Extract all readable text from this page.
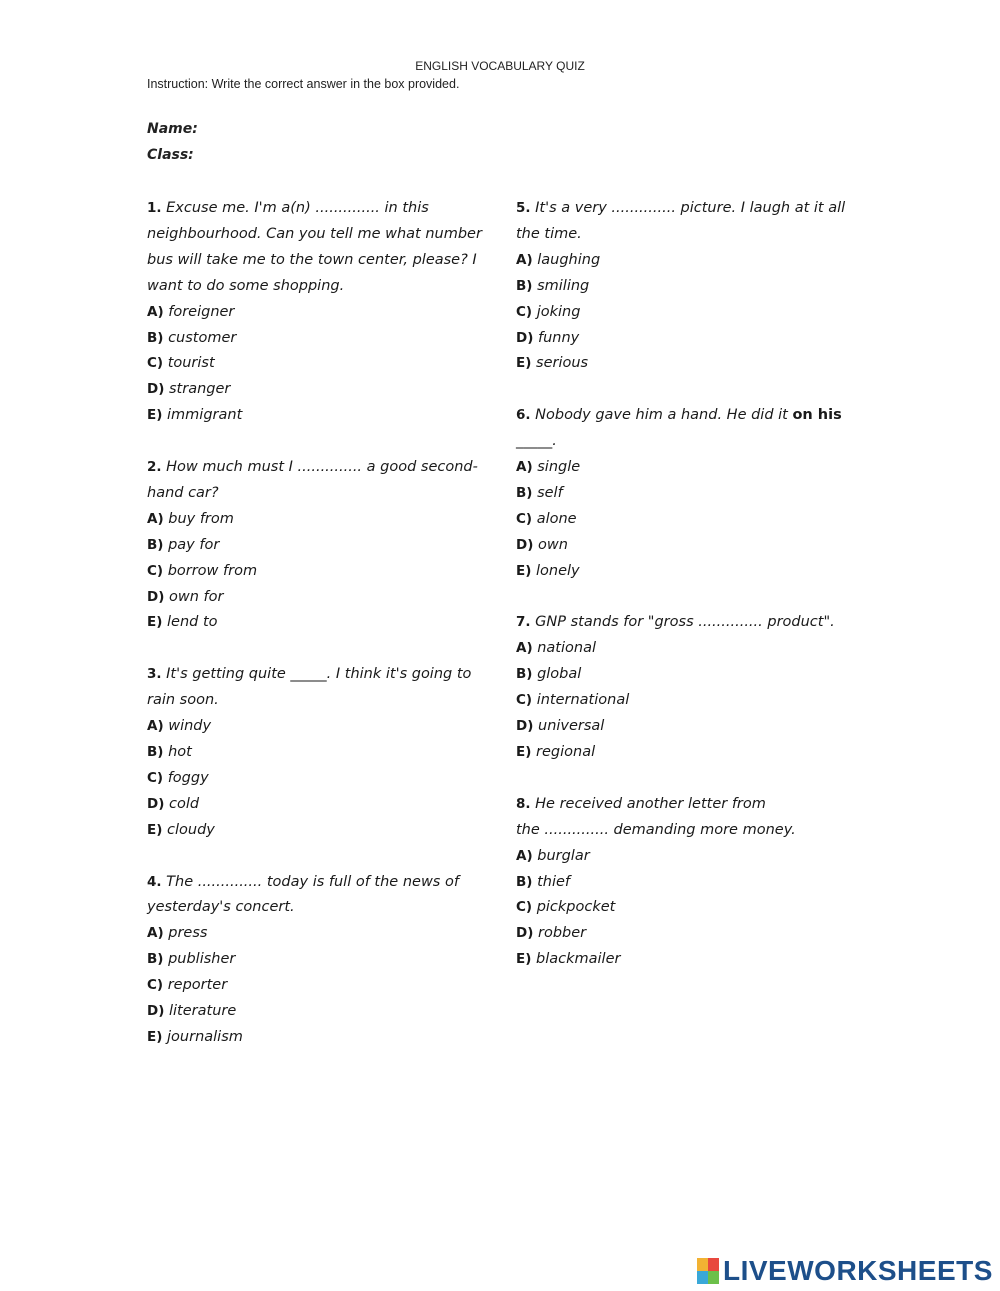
ENGLISH VOCABULARY QUIZ
Instruction: Write the correct answer in the box provided.
Name:
Class:
1. Excuse me. I'm a(n) .............. in this neighbourhood. Can you tell me what number bus will take me to the town center, please? I want to do some shopping.
A) foreigner
B) customer
C) tourist
D) stranger
E) immigrant
2. How much must I .............. a good second-hand car?
A) buy from
B) pay for
C) borrow from
D) own for
E) lend to
3. It's getting quite _____. I think it's going to rain soon.
A) windy
B) hot
C) foggy
D) cold
E) cloudy
4. The .............. today is full of the news of yesterday's concert.
A) press
B) publisher
C) reporter
D) literature
E) journalism
5. It's a very .............. picture. I laugh at it all the time.
A) laughing
B) smiling
C) joking
D) funny
E) serious
6. Nobody gave him a hand. He did it on his
_____.
A) single
B) self
C) alone
D) own
E) lonely
7. GNP stands for "gross .............. product".
A) national
B) global
C) international
D) universal
E) regional
8. He received another letter from
the .............. demanding more money.
A) burglar
B) thief
C) pickpocket
D) robber
E) blackmailer
LIVEWORKSHEETS
